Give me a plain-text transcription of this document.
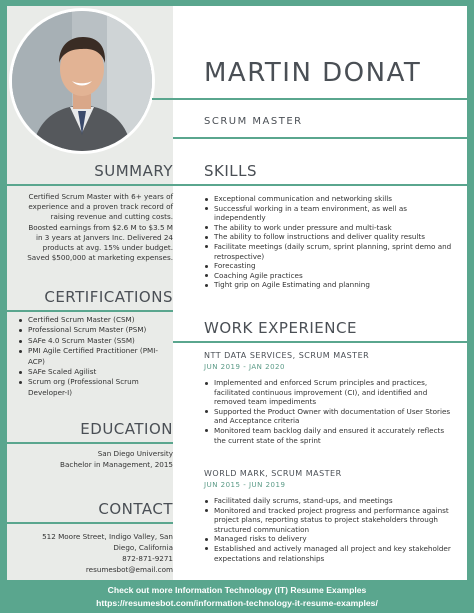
SUMMARY
Certified Scrum Master with 6+ years of experience and a proven track record of raising revenue and cutting costs. Boosted earnings from $2.6 M to $3.5 M in 3 years at Janvers Inc. Delivered 24 products at avg. 15% under budget. Saved $500,000 at marketing expenses.
CERTIFICATIONS
Certified Scrum Master (CSM)
Professional Scrum Master (PSM)
SAFe 4.0 Scrum Master (SSM)
PMI Agile Certified Practitioner (PMI-ACP)
SAFe Scaled Agilist
Scrum org (Professional Scrum Developer-I)
EDUCATION
San Diego University
Bachelor in Management, 2015
CONTACT
512 Moore Street, Indigo Valley, San
Diego, California
872-871-9271
resumesbot@email.com
MARTIN DONAT
SCRUM MASTER
SKILLS
Exceptional communication and networking skills
Successful working in a team environment, as well as independently
The ability to work under pressure and multi-task
The ability to follow instructions and deliver quality results
Facilitate meetings (daily scrum, sprint planning, sprint demo and retrospective)
Forecasting
Coaching Agile practices
Tight grip on Agile Estimating and planning
WORK EXPERIENCE
NTT DATA SERVICES, SCRUM MASTER
JUN 2019 - JAN 2020
Implemented and enforced Scrum principles and practices, facilitated continuous improvement (CI), and identified and removed team impediments
Supported the Product Owner with documentation of User Stories and Acceptance criteria
Monitored team backlog daily and ensured it accurately reflects the current state of the sprint
WORLD MARK, SCRUM MASTER
JUN 2015 - JUN 2019
Facilitated daily scrums, stand-ups, and meetings
Monitored and tracked project progress and performance against project plans, reporting status to project stakeholders through structured communication
Managed risks to delivery
Established and actively managed all project and key stakeholder expectations and relationships
Check out more Information Technology (IT) Resume Examples
https://resumesbot.com/information-technology-it-resume-examples/
